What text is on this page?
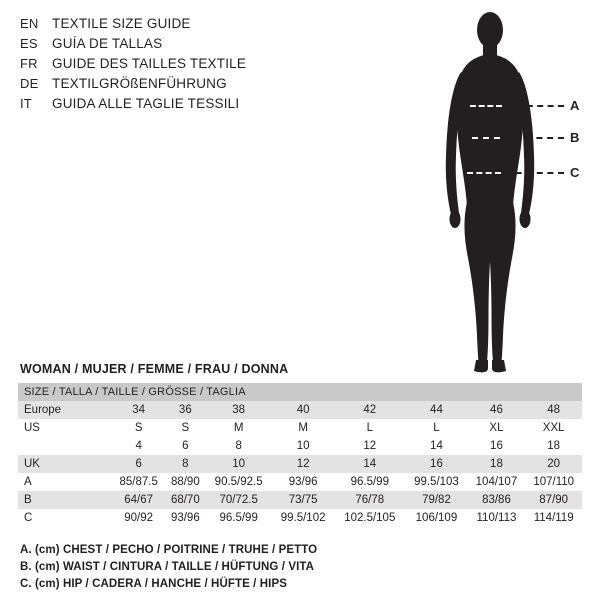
EN	TEXTILE SIZE GUIDE
ES	GUÍA DE TALLAS
FR	GUIDE DES TAILLES TEXTILE
DE	TEXTILGRÖßENFÜHRUNG
IT	GUIDA ALLE TAGLIE TESSILI	A
B
C
WOMAN / MUJER / FEMME / FRAU / DONNA
SIZE / TALLA / TAILLE / GRÖSSE / TAGLIA								
Europe	34	36	38	40	42	44	46	48
US	S	S	M	M	L	L	XL	XXL
	4	6	8	10	12	14	16	18
UK	6	8	10	12	14	16	18	20
A	85/87.5	88/90	90.5/92.5	93/96	96.5/99	99.5/103	104/107	107/110
B	64/67	68/70	70/72.5	73/75	76/78	79/82	83/86	87/90
C	90/92	93/96	96.5/99	99.5/102	102.5/105	106/109	110/113	114/119
A. (cm) CHEST / PECHO / POITRINE / TRUHE / PETTO
B. (cm) WAIST / CINTURA / TAILLE / HÜFTUNG / VITA
C. (cm) HIP / CADERA / HANCHE / HÜFTE / HIPS
